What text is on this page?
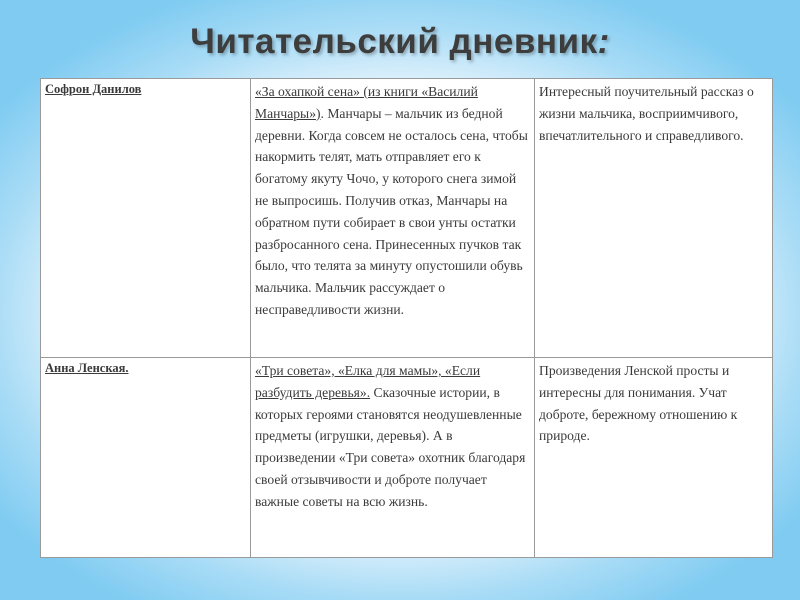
Читательский дневник:
Софрон Данилов	«За охапкой сена» (из книги «Василий Манчары»). Манчары – мальчик из бедной деревни. Когда совсем не осталось сена, чтобы накормить телят, мать отправляет его к богатому якуту Чочо, у которого снега зимой не выпросишь. Получив отказ, Манчары на обратном пути собирает в свои унты остатки разбросанного сена. Принесенных пучков так было, что телята за минуту опустошили обувь мальчика. Мальчик рассуждает о несправедливости жизни.	Интересный поучительный рассказ о жизни мальчика, восприимчивого, впечатлительного и справедливого.
Анна Ленская.	«Три совета», «Елка для мамы», «Если разбудить деревья». Сказочные истории, в которых героями становятся неодушевленные предметы (игрушки, деревья). А в произведении «Три совета» охотник благодаря своей отзывчивости и доброте получает важные советы на всю жизнь.	Произведения Ленской просты и интересны для понимания. Учат доброте, бережному отношению к природе.
